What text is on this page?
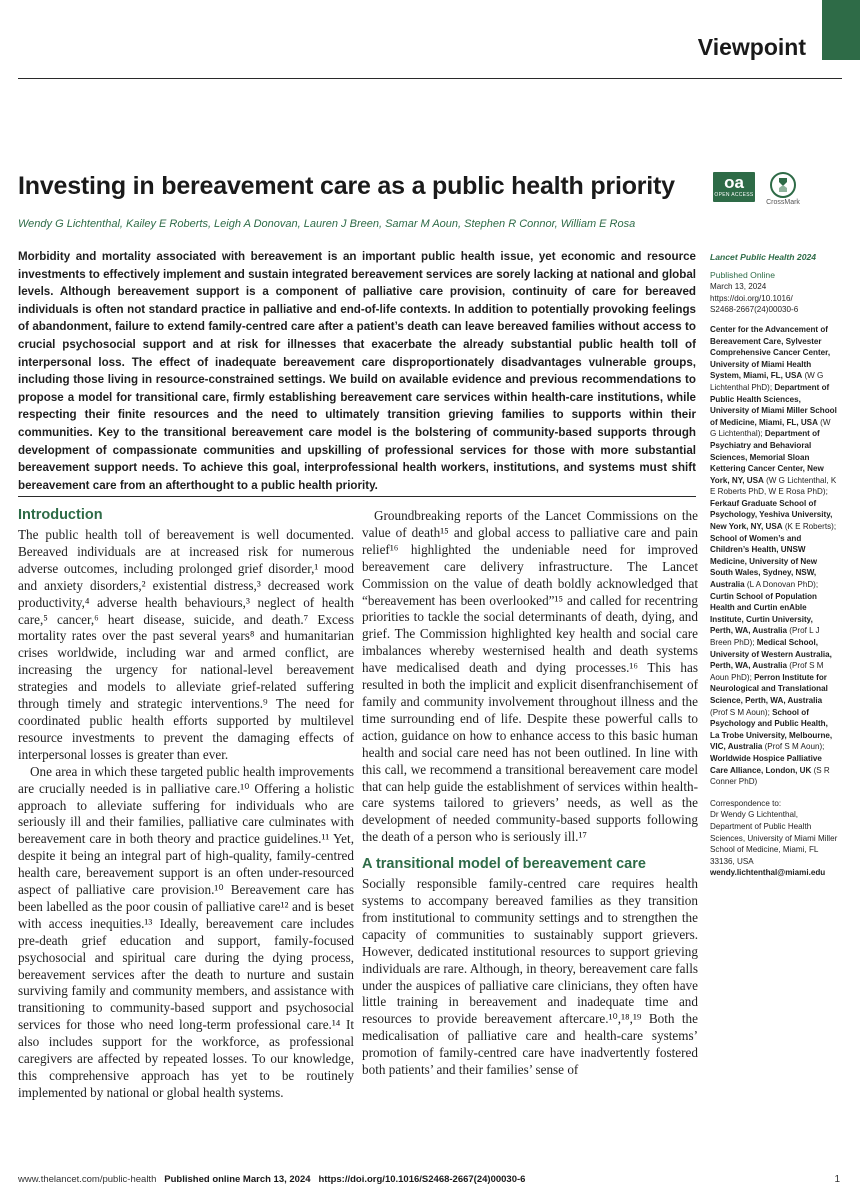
Viewpoint
Investing in bereavement care as a public health priority	oa
OPEN ACCESS
CrossMark
Wendy G Lichtenthal, Kailey E Roberts, Leigh A Donovan, Lauren J Breen, Samar M Aoun, Stephen R Connor, William E Rosa

Morbidity and mortality associated with bereavement is an important public health issue, yet economic and resource investments to effectively implement and sustain integrated bereavement services are sorely lacking at national and global levels. Although bereavement support is a component of palliative care provision, continuity of care for bereaved individuals is often not standard practice in palliative and end-of-life contexts. In addition to potentially provoking feelings of abandonment, failure to extend family-centred care after a patient’s death can leave bereaved families without access to crucial psychosocial support and at risk for illnesses that exacerbate the already substantial public health toll of interpersonal loss. The effect of inadequate bereavement care disproportionately disadvantages vulnerable groups, including those living in resource-constrained settings. We build on available evidence and previous recommendations to propose a model for transitional care, firmly establishing bereavement care services within health-care institutions, while respecting their finite resources and the need to ultimately transition grieving families to supports within their communities. Key to the transitional bereavement care model is the bolstering of community-based supports through development of compassionate communities and upskilling of professional services for those with more substantial bereavement support needs. To achieve this goal, interprofessional health workers, institutions, and systems must shift bereavement care from an afterthought to a public health priority.

Lancet Public Health 2024
Published Online
March 13, 2024
https://doi.org/10.1016/
S2468-2667(24)00030-6
Center for the Advancement of Bereavement Care, Sylvester Comprehensive Cancer Center, University of Miami Health System, Miami, FL, USA (W G Lichtenthal PhD); Department of Public Health Sciences, University of Miami Miller School of Medicine, Miami, FL, USA (W G Lichtenthal); Department of Psychiatry and Behavioral Sciences, Memorial Sloan Kettering Cancer Center, New York, NY, USA (W G Lichtenthal, K E Roberts PhD, W E Rosa PhD); Ferkauf Graduate School of Psychology, Yeshiva University, New York, NY, USA (K E Roberts); School of Women’s and Children’s Health, UNSW Medicine, University of New South Wales, Sydney, NSW, Australia (L A Donovan PhD); Curtin School of Population Health and Curtin enAble Institute, Curtin University, Perth, WA, Australia (Prof L J Breen PhD); Medical School, University of Western Australia, Perth, WA, Australia (Prof S M Aoun PhD); Perron Institute for Neurological and Translational Science, Perth, WA, Australia (Prof S M Aoun); School of Psychology and Public Health, La Trobe University, Melbourne, VIC, Australia (Prof S M Aoun); Worldwide Hospice Palliative Care Alliance, London, UK (S R Conner PhD)
Correspondence to:
Dr Wendy G Lichtenthal,
Department of Public Health Sciences, University of Miami Miller School of Medicine, Miami, FL 33136, USA
wendy.lichtenthal@miami.edu
Introduction

The public health toll of bereavement is well documented. Bereaved individuals are at increased risk for numerous adverse outcomes, including prolonged grief disorder,¹ mood and anxiety disorders,² existential distress,³ decreased work productivity,⁴ adverse health behaviours,³ neglect of health care,⁵ cancer,⁶ heart disease, suicide, and death.⁷ Excess mortality rates over the past several years⁸ and humanitarian crises worldwide, including war and armed conflict, are increasing the urgency for national-level bereavement strategies and models to alleviate grief-related suffering through timely and strategic interventions.⁹ The need for coordinated public health efforts supported by multilevel resource investments to prevent the damaging effects of interpersonal losses is greater than ever.

One area in which these targeted public health improvements are crucially needed is in palliative care.¹⁰ Offering a holistic approach to alleviate suffering for individuals who are seriously ill and their families, palliative care culminates with bereavement care in both theory and practice guidelines.¹¹ Yet, despite it being an integral part of high-quality, family-centred health care, bereavement support is an often under-resourced aspect of palliative care provision.¹⁰ Bereavement care has been labelled as the poor cousin of palliative care¹² and is beset with access inequities.¹³ Ideally, bereavement care includes pre-death grief education and support, family-focused psychosocial and spiritual care during the dying process, bereavement services after the death to nurture and sustain surviving family and community members, and assistance with transitioning to community-based support and psychosocial services for those who need long-term professional care.¹⁴ It also includes support for the workforce, as professional caregivers are affected by repeated losses. To our knowledge, this comprehensive approach has yet to be routinely implemented by national or global health systems.

Groundbreaking reports of the Lancet Commissions on the value of death¹⁵ and global access to palliative care and pain relief¹⁶ highlighted the undeniable need for improved bereavement care delivery infrastructure. The Lancet Commission on the value of death boldly acknowledged that “bereavement has been overlooked”¹⁵ and called for recentring priorities to tackle the social determinants of death, dying, and grief. The Commission highlighted key health and social care imbalances whereby westernised health and death systems have medicalised death and dying processes.¹⁶ This has resulted in both the implicit and explicit disenfranchisement of family and community involvement throughout illness and the time surrounding end of life. Despite these powerful calls to action, guidance on how to enhance access to this basic human health and social care need has not been outlined. In line with this call, we recommend a transitional bereavement care model that can help guide the establishment of services within health-care systems tailored to grievers’ needs, as well as the development of needed community-based supports following the death of a person who is seriously ill.¹⁷

A transitional model of bereavement care

Socially responsible family-centred care requires health systems to accompany bereaved families as they transition from institutional to community settings and to strengthen the capacity of communities to sustainably support grievers. However, dedicated institutional resources to support grieving individuals are rare. Although, in theory, bereavement care falls under the auspices of palliative care clinicians, they often have little training in bereavement and inadequate time and resources to provide bereavement aftercare.¹⁰,¹⁸,¹⁹ Both the medicalisation of palliative care and health-care systems’ promotion of family-centred care have inadvertently fostered both patients’ and their families’ sense of

www.thelancet.com/public-health Published online March 13, 2024 https://doi.org/10.1016/S2468-2667(24)00030-6	1
